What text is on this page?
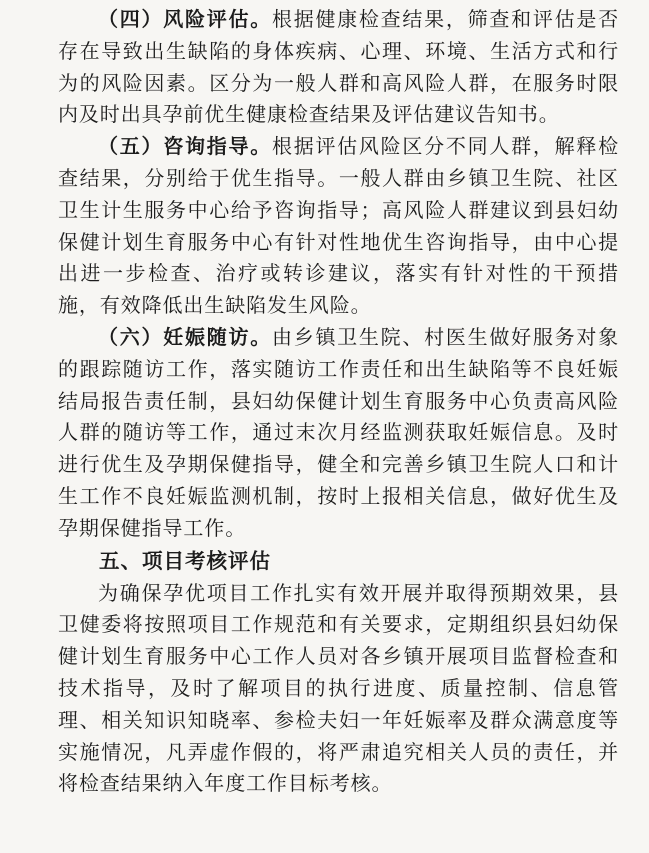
（四）风险评估。根据健康检查结果，筛查和评估是否存在导致出生缺陷的身体疾病、心理、环境、生活方式和行为的风险因素。区分为一般人群和高风险人群，在服务时限内及时出具孕前优生健康检查结果及评估建议告知书。

（五）咨询指导。根据评估风险区分不同人群，解释检查结果，分别给于优生指导。一般人群由乡镇卫生院、社区卫生计生服务中心给予咨询指导；高风险人群建议到县妇幼保健计划生育服务中心有针对性地优生咨询指导，由中心提出进一步检查、治疗或转诊建议，落实有针对性的干预措施，有效降低出生缺陷发生风险。

（六）妊娠随访。由乡镇卫生院、村医生做好服务对象的跟踪随访工作，落实随访工作责任和出生缺陷等不良妊娠结局报告责任制，县妇幼保健计划生育服务中心负责高风险人群的随访等工作，通过末次月经监测获取妊娠信息。及时进行优生及孕期保健指导，健全和完善乡镇卫生院人口和计生工作不良妊娠监测机制，按时上报相关信息，做好优生及孕期保健指导工作。

五、项目考核评估

为确保孕优项目工作扎实有效开展并取得预期效果，县卫健委将按照项目工作规范和有关要求，定期组织县妇幼保健计划生育服务中心工作人员对各乡镇开展项目监督检查和技术指导，及时了解项目的执行进度、质量控制、信息管理、相关知识知晓率、参检夫妇一年妊娠率及群众满意度等实施情况，凡弄虚作假的，将严肃追究相关人员的责任，并将检查结果纳入年度工作目标考核。
